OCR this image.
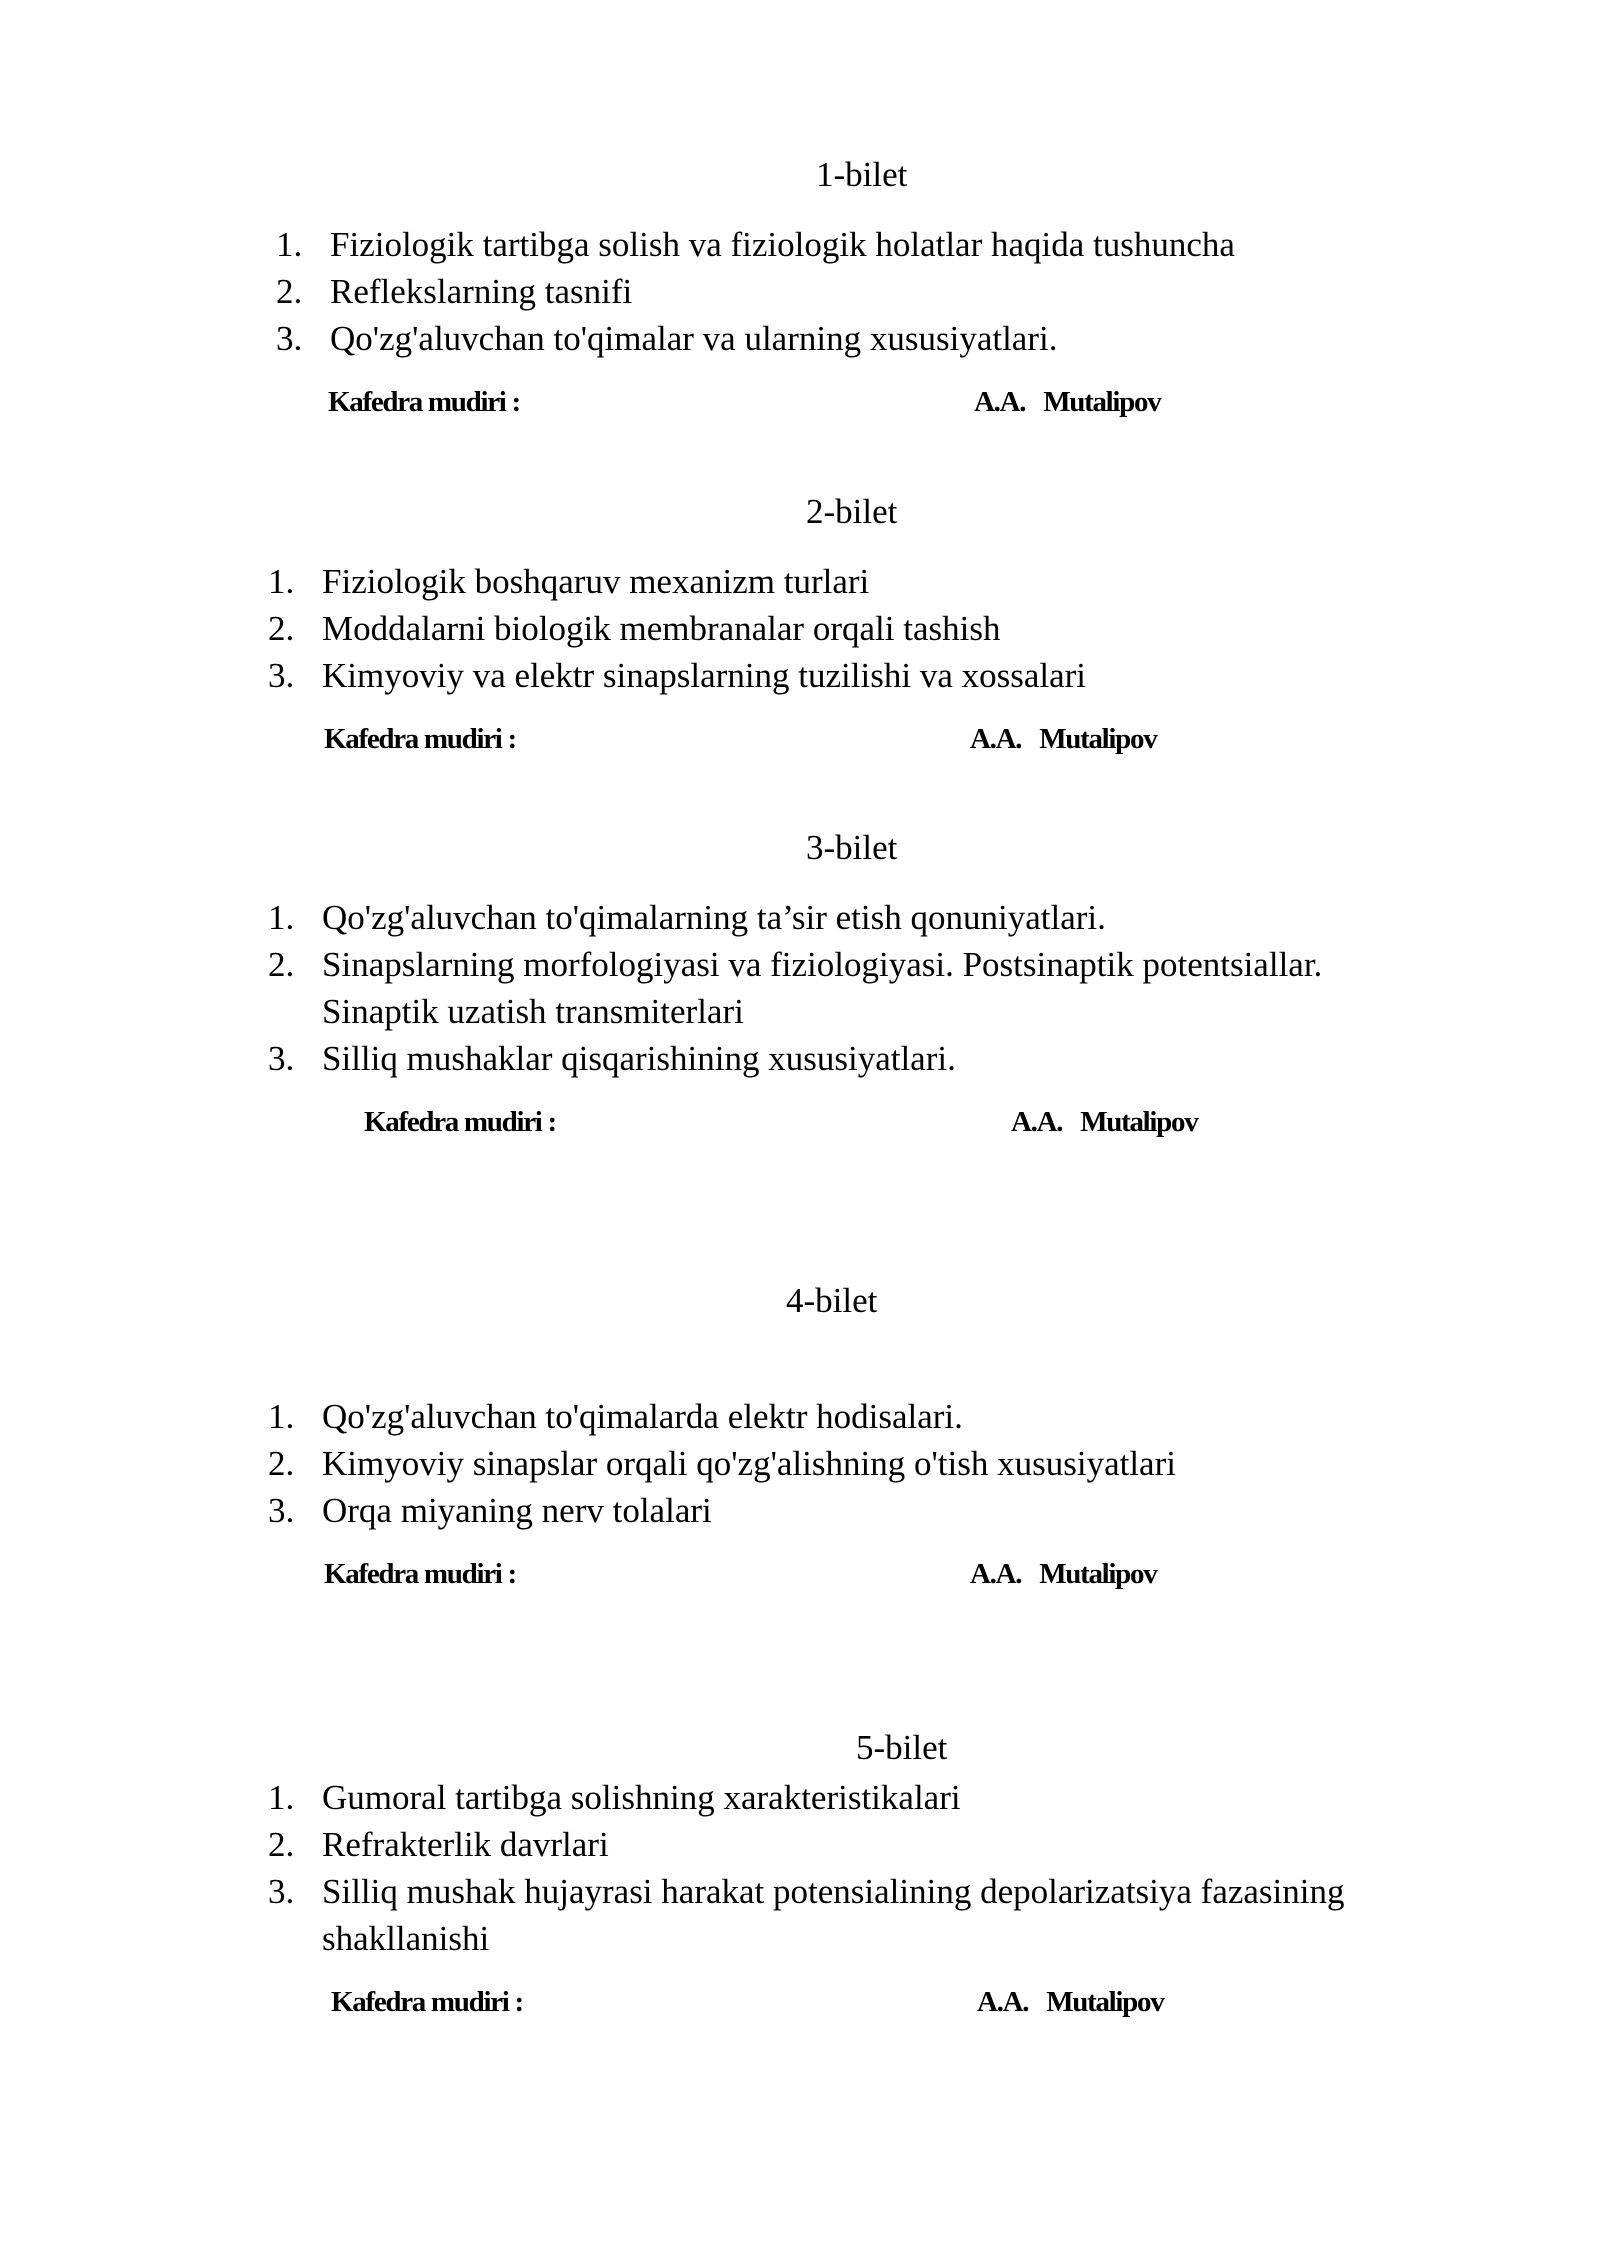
1-bilet
1. Fiziologik tartibga solish va fiziologik holatlar haqida tushuncha
2. Reflekslarning tasnifi
3. Qo'zg'aluvchan to'qimalar va ularning xususiyatlari.
Kafedra mudiri :	A.A. Mutalipov
2-bilet
1. Fiziologik boshqaruv mexanizm turlari
2. Moddalarni biologik membranalar orqali tashish
3. Kimyoviy va elektr sinapslarning tuzilishi va xossalari
Kafedra mudiri :	A.A. Mutalipov
3-bilet
1. Qo'zg'aluvchan to'qimalarning ta’sir etish qonuniyatlari.
2. Sinapslarning morfologiyasi va fiziologiyasi. Postsinaptik potentsiallar. Sinaptik uzatish transmiterlari
3. Silliq mushaklar qisqarishining xususiyatlari.
Kafedra mudiri :	A.A. Mutalipov
4-bilet
1. Qo'zg'aluvchan to'qimalarda elektr hodisalari.
2. Kimyoviy sinapslar orqali qo'zg'alishning o'tish xususiyatlari
3. Orqa miyaning nerv tolalari
Kafedra mudiri :	A.A. Mutalipov
5-bilet
1. Gumoral tartibga solishning xarakteristikalari
2. Refrakterlik davrlari
3. Silliq mushak hujayrasi harakat potensialining depolarizatsiya fazasining shakllanishi
Kafedra mudiri :	A.A. Mutalipov
